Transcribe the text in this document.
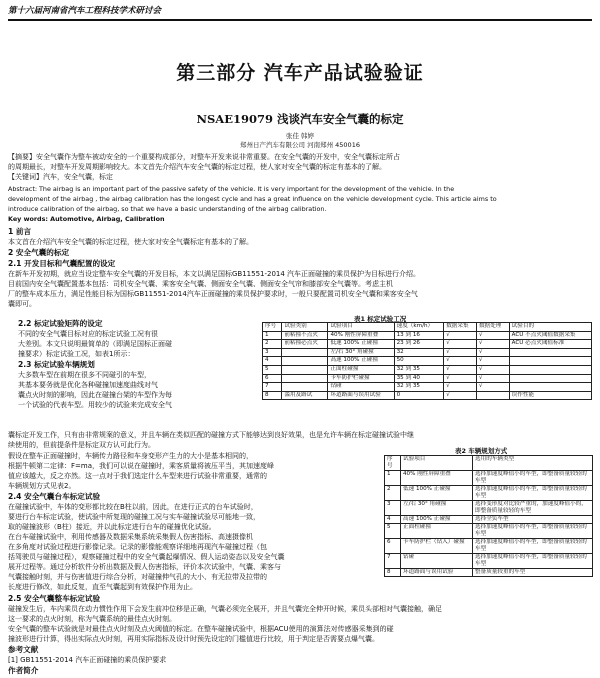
第十六届河南省汽车工程科技学术研讨会
第三部分 汽车产品试验验证
NSAE19079 浅谈汽车安全气囊的标定
张佳 韩婷
郑州日产汽车有限公司 河南郑州 450016
【摘要】安全气囊作为整车被动安全的一个重要构成部分，对整车开发来说非常重要。在安全气囊的开发中，安全气囊标定所占
的周期最长，对整车开发周期影响较大。本文首先介绍汽车安全气囊的标定过程，使人家对安全气囊的标定有基本的了解。
【关键词】汽车，安全气囊，标定
Abstract: The airbag is an important part of the passive safety of the vehicle. It is very important for the development of the vehicle. In the
development of the airbag , the airbag calibration has the longest cycle and has a great influence on the vehicle development cycle. This article aims to
introduce calibration of the airbag, so that we have a basic understanding of the airbag calibration.
Key words: Automotive, Airbag, Calibration
1 前言
本文首在介绍汽车安全气囊的标定过程，使大家对安全气囊标定有基本的了解。
2 安全气囊的标定
2.1 开发目标和气囊配置的设定
在新车开发初期，就应当设定整车安全气囊的开发目标，本文以满足国标GB11551-2014 汽车正面碰撞的乘员保护为目标进行介绍。
目前国内安全气囊配置基本包括：司机安全气囊、乘客安全气囊、侧面安全气囊、侧面安全气帘和膝部安全气囊等。考虑主机
厂的整车成本压力，满足性能目标为国标GB11551-2014汽车正面碰撞的乘员保护要求时，一般只要配置司机安全气囊和乘客安全气
囊即可。
2.2 标定试验矩阵的设定
不同的安全气囊目标对应的标定试验工况有很
大差别。本文只说明最简单的（即满足国标正面碰
撞要求）标定试验工况，如表1所示：
2.3 标定试验车辆规划
大多数车型在前期在很多不同碰引的车型，
其基本要务就是优化各种碰撞加速度曲线对气
囊点火时刻的影响，因此在碰撞台架的车型作为每
一个试验的代表车型。用较少的试验来完成安全气
表1 标定试验工况
序号	试验类别	试验项目	速度（km/h）	数据采集	数据处理	试验目的
1	前粘撞不点火	40% 刚性屏障重叠	13 到 16	√	√	ACU 不点火阈值数据采集
2	前粘撞必点火	低速 100% 正碰撞	23 到 26	√	√	ACU 必点火阈值标准
3		左/右 30° 角碰撞	32	√	√	
4		高速 100% 正碰撞	50	√	√	
5		正面柱碰撞	32 到 35	√	√	
6		卡车防护栏碰撞	35 到 40	√	√	
7		钻碰	32 到 35	√	√	
8	滥用及路试	坏道路面与误用试验	0	√		误作性能
囊标定开发工作，只有由非常规案的意义，并且车辆在类似匹配的碰撞方式下能够达到良好效果，也是允许车辆在标定碰撞试验中继
续使用的，但前提条件是标定双方认可此行为。
假设在整车正面碰撞时，车辆传力路径和车身变形产生力的大小是基本相同的，
根据牛顿第二定律：F=ma，我们可以说在碰撞时，乘客质量将被压平当，其加速度峰
值应该越大，反之亦然。这一点对于我们选定什么车型来进行试验非常重要，通常的
车辆规划方式见表2。
2.4 安全气囊台车标定试验
在碰撞试验中，车体的变形都比较在B柱以前，因此，在进行正式的台车试验时，
要进行台车标定试验，使试验中所复现的碰撞工况与实车碰撞试验尽可能地一致，
取的碰撞波形（B柱）接近，并以此标定进行台车的碰撞优化试验。
在台车碰撞试验中，利用传感器及数据采集系统采集假人伤害指标、高速摄像机
在多角度对试验过程进行影像记录。记录的影像能观察详细地再现汽车碰撞过程（包
括驾驶员与碰撞过程），观察碰撞过程中的安全气囊起爆情况、假人运动姿态以及安全气囊
展开过程等。通过分析软件分析出数据及假人伤害指标，评价本次试验中，气囊、乘客与
气囊接触时刻，并与伤害值进行综合分析，对碰撞伸气孔的大小、有无拉带及拉带的
长度进行修改，如此反复，直至气囊起到有效保护作用为止。
表2 车辆规划方式
序号	试验项目	选用的车辆类型
1	40% 刚性屏障重叠	选择加速度峰值小的车型，即整备质量较轻的车型
2	低速 100% 正碰撞	选择加速度峰值小的车型，即整备质量较轻的车型
3	左/右 30° 角碰撞	选择变形度对比较严重的，加速度峰值小的，即整备质量较轻的车型
4	高速 100% 正碰撞	选择全负车型
5	正面柱碰撞	选择加速度峰值小的车型，即整备质量较轻的车型
6	卡车防护栏（钻入）碰撞	选择加速度峰值小的车型，即整备质量较轻的车型
7	钻碰	选择加速度峰值小的车型，即整备质量较轻的车型
8	坏道路面与误用试验	整备质量较重的车型
2.5 安全气囊整车标定试验
碰撞发生后，车内乘员在动力惯性作用下会发生前冲位移是正确，气囊必须完全展开，并且气囊完全伸开时候，乘员头部相对气囊接触，确足
这一要求的点火时刻，称为气囊系统的最佳点火时刻。
安全气囊的整车试验就是对最佳点火时刻及点火阈值的标定。在整车碰撞试验中，根据ACU使用的演算法对传感器采集到的碰
撞波形进行计算，得出实际点火时刻，再用实际指标及设计时预先设定的门槛值进行比较，用于判定是否需要点爆气囊。
参考文献
[1] GB11551-2014 汽车正面碰撞的乘员保护要求
作者简介
